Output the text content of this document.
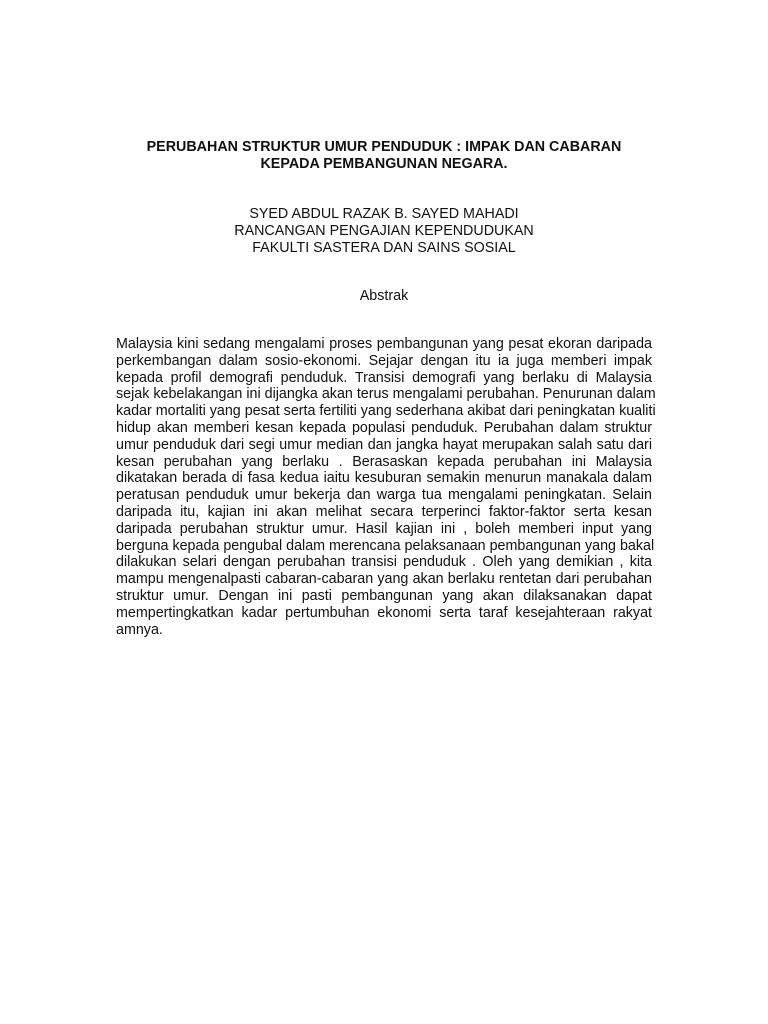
PERUBAHAN STRUKTUR UMUR PENDUDUK : IMPAK DAN CABARAN
KEPADA PEMBANGUNAN NEGARA.
SYED ABDUL RAZAK B. SAYED MAHADI
RANCANGAN PENGAJIAN KEPENDUDUKAN
FAKULTI SASTERA DAN SAINS SOSIAL
Abstrak
Malaysia kini sedang mengalami proses pembangunan yang pesat ekoran daripada
perkembangan dalam sosio-ekonomi. Sejajar dengan itu ia juga memberi impak
kepada profil demografi penduduk. Transisi demografi yang berlaku di Malaysia
sejak kebelakangan ini dijangka akan terus mengalami perubahan. Penurunan dalam
kadar mortaliti yang pesat serta fertiliti yang sederhana akibat dari peningkatan kualiti
hidup akan memberi kesan kepada populasi penduduk. Perubahan dalam struktur
umur penduduk dari segi umur median dan jangka hayat merupakan salah satu dari
kesan perubahan yang berlaku . Berasaskan kepada perubahan ini Malaysia
dikatakan berada di fasa kedua iaitu kesuburan semakin menurun manakala dalam
peratusan penduduk umur bekerja dan warga tua mengalami peningkatan. Selain
daripada itu, kajian ini akan melihat secara terperinci faktor-faktor serta kesan
daripada perubahan struktur umur. Hasil kajian ini , boleh memberi input yang
berguna kepada pengubal dalam merencana pelaksanaan pembangunan yang bakal
dilakukan selari dengan perubahan transisi penduduk . Oleh yang demikian , kita
mampu mengenalpasti cabaran-cabaran yang akan berlaku rentetan dari perubahan
struktur umur. Dengan ini pasti pembangunan yang akan dilaksanakan dapat
mempertingkatkan kadar pertumbuhan ekonomi serta taraf kesejahteraan rakyat
amnya.
